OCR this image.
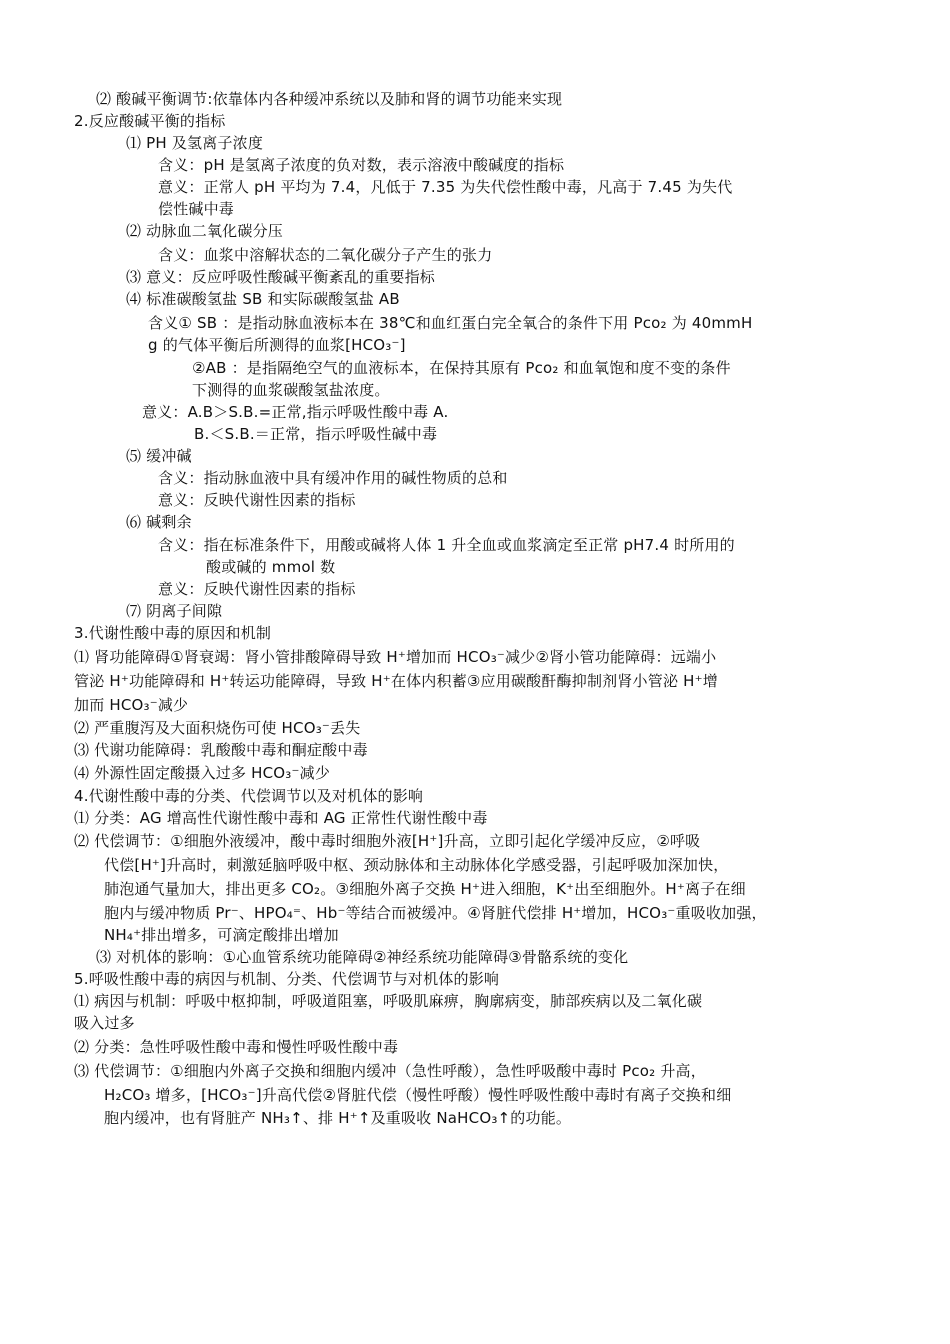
⑵ 酸碱平衡调节:依靠体内各种缓冲系统以及肺和肾的调节功能来实现
2.反应酸碱平衡的指标
⑴ PH 及氢离子浓度
含义：pH 是氢离子浓度的负对数，表示溶液中酸碱度的指标
意义：正常人 pH 平均为 7.4，凡低于 7.35 为失代偿性酸中毒，凡高于 7.45 为失代
偿性碱中毒
⑵ 动脉血二氧化碳分压
含义：血浆中溶解状态的二氧化碳分子产生的张力
⑶ 意义：反应呼吸性酸碱平衡紊乱的重要指标
⑷ 标准碳酸氢盐 SB 和实际碳酸氢盐 AB
含义① SB ：是指动脉血液标本在 38℃和血红蛋白完全氧合的条件下用 Pco₂ 为 40mmH
g 的气体平衡后所测得的血浆[HCO₃⁻]
②AB ：是指隔绝空气的血液标本，在保持其原有 Pco₂ 和血氧饱和度不变的条件
下测得的血浆碳酸氢盐浓度。
意义：A.B＞S.B.=正常,指示呼吸性酸中毒 A.
B.＜S.B.＝正常，指示呼吸性碱中毒
⑸ 缓冲碱
含义：指动脉血液中具有缓冲作用的碱性物质的总和
意义：反映代谢性因素的指标
⑹ 碱剩余
含义：指在标准条件下，用酸或碱将人体 1 升全血或血浆滴定至正常 pH7.4 时所用的
酸或碱的 mmol 数
意义：反映代谢性因素的指标
⑺ 阴离子间隙
3.代谢性酸中毒的原因和机制
⑴ 肾功能障碍①肾衰竭：肾小管排酸障碍导致 H⁺增加而 HCO₃⁻减少②肾小管功能障碍：远端小
管泌 H⁺功能障碍和 H⁺转运功能障碍，导致 H⁺在体内积蓄③应用碳酸酐酶抑制剂肾小管泌 H⁺增
加而 HCO₃⁻减少
⑵ 严重腹泻及大面积烧伤可使 HCO₃⁻丢失
⑶ 代谢功能障碍：乳酸酸中毒和酮症酸中毒
⑷ 外源性固定酸摄入过多 HCO₃⁻减少
4.代谢性酸中毒的分类、代偿调节以及对机体的影响
⑴ 分类：AG 增高性代谢性酸中毒和 AG 正常性代谢性酸中毒
⑵ 代偿调节：①细胞外液缓冲，酸中毒时细胞外液[H⁺]升高，立即引起化学缓冲反应，②呼吸
代偿[H⁺]升高时，刺激延脑呼吸中枢、颈动脉体和主动脉体化学感受器，引起呼吸加深加快，
肺泡通气量加大，排出更多 CO₂。③细胞外离子交换 H⁺进入细胞，K⁺出至细胞外。H⁺离子在细
胞内与缓冲物质 Pr⁻、HPO₄⁼、Hb⁻等结合而被缓冲。④肾脏代偿排 H⁺增加，HCO₃⁻重吸收加强，
NH₄⁺排出增多，可滴定酸排出增加
⑶ 对机体的影响：①心血管系统功能障碍②神经系统功能障碍③骨骼系统的变化
5.呼吸性酸中毒的病因与机制、分类、代偿调节与对机体的影响
⑴ 病因与机制：呼吸中枢抑制，呼吸道阻塞，呼吸肌麻痹，胸廓病变，肺部疾病以及二氧化碳
吸入过多
⑵ 分类：急性呼吸性酸中毒和慢性呼吸性酸中毒
⑶ 代偿调节：①细胞内外离子交换和细胞内缓冲（急性呼酸），急性呼吸酸中毒时 Pco₂ 升高，
H₂CO₃ 增多，[HCO₃⁻]升高代偿②肾脏代偿（慢性呼酸）慢性呼吸性酸中毒时有离子交换和细
胞内缓冲，也有肾脏产 NH₃↑、排 H⁺↑及重吸收 NaHCO₃↑的功能。
